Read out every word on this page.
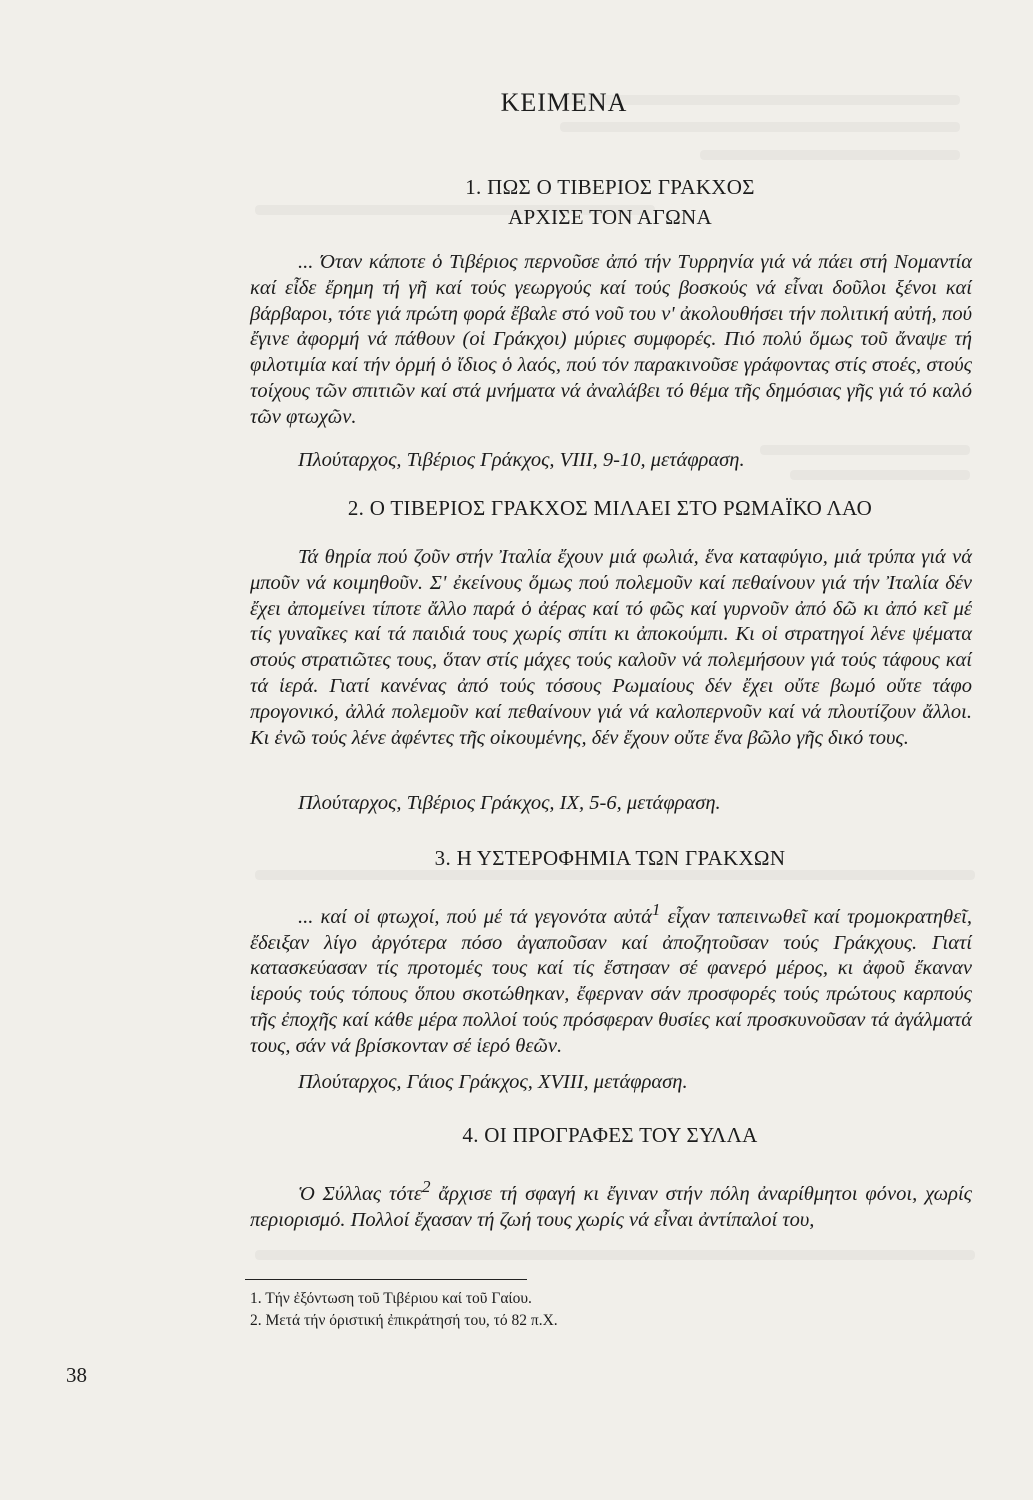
ΚΕΙΜΕΝΑ
1. ΠΩΣ Ο ΤΙΒΕΡΙΟΣ ΓΡΑΚΧΟΣ
ΑΡΧΙΣΕ ΤΟΝ ΑΓΩΝΑ

... Όταν κάποτε ὁ Τιβέριος περνοῦσε ἀπό τήν Τυρρηνία γιά νά πάει στή Νομαντία καί εἶδε ἔρημη τή γῆ καί τούς γεωργούς καί τούς βοσκούς νά εἶναι δοῦλοι ξένοι καί βάρβαροι, τότε γιά πρώτη φορά ἔβαλε στό νοῦ του ν' ἀκολουθήσει τήν πολιτική αὐτή, πού ἔγινε ἀφορμή νά πάθουν (οἱ Γράκχοι) μύριες συμφορές. Πιό πολύ ὅμως τοῦ ἄναψε τή φιλοτιμία καί τήν ὁρμή ὁ ἴδιος ὁ λαός, πού τόν παρακινοῦσε γράφοντας στίς στοές, στούς τοίχους τῶν σπιτιῶν καί στά μνήματα νά ἀναλάβει τό θέμα τῆς δημόσιας γῆς γιά τό καλό τῶν φτωχῶν.

Πλούταρχος, Τιβέριος Γράκχος, VIII, 9-10, μετάφραση.
2. Ο ΤΙΒΕΡΙΟΣ ΓΡΑΚΧΟΣ ΜΙΛΑΕΙ ΣΤΟ ΡΩΜΑΪΚΟ ΛΑΟ

Τά θηρία πού ζοῦν στήν Ἰταλία ἔχουν μιά φωλιά, ἕνα καταφύγιο, μιά τρύπα γιά νά μποῦν νά κοιμηθοῦν. Σ' ἐκείνους ὅμως πού πολεμοῦν καί πεθαίνουν γιά τήν Ἰταλία δέν ἔχει ἀπομείνει τίποτε ἄλλο παρά ὁ ἀέρας καί τό φῶς καί γυρνοῦν ἀπό δῶ κι ἀπό κεῖ μέ τίς γυναῖκες καί τά παιδιά τους χωρίς σπίτι κι ἀποκούμπι. Κι οἱ στρατηγοί λένε ψέματα στούς στρατιῶτες τους, ὅταν στίς μάχες τούς καλοῦν νά πολεμήσουν γιά τούς τάφους καί τά ἱερά. Γιατί κανένας ἀπό τούς τόσους Ρωμαίους δέν ἔχει οὔτε βωμό οὔτε τάφο προγονικό, ἀλλά πολεμοῦν καί πεθαίνουν γιά νά καλοπερνοῦν καί νά πλουτίζουν ἄλλοι. Κι ἐνῶ τούς λένε ἀφέντες τῆς οἰκουμένης, δέν ἔχουν οὔτε ἕνα βῶλο γῆς δικό τους.

Πλούταρχος, Τιβέριος Γράκχος, IX, 5-6, μετάφραση.
3. Η ΥΣΤΕΡΟΦΗΜΙΑ ΤΩΝ ΓΡΑΚΧΩΝ

... καί οἱ φτωχοί, πού μέ τά γεγονότα αὐτά$^1$ εἶχαν ταπεινωθεῖ καί τρομοκρατηθεῖ, ἔδειξαν λίγο ἀργότερα πόσο ἀγαποῦσαν καί ἀποζητοῦσαν τούς Γράκχους. Γιατί κατασκεύασαν τίς προτομές τους καί τίς ἔστησαν σέ φανερό μέρος, κι ἀφοῦ ἔκαναν ἱερούς τούς τόπους ὅπου σκοτώθηκαν, ἔφερναν σάν προσφορές τούς πρώτους καρπούς τῆς ἐποχῆς καί κάθε μέρα πολλοί τούς πρόσφεραν θυσίες καί προσκυνοῦσαν τά ἀγάλματά τους, σάν νά βρίσκονταν σέ ἱερό θεῶν.

Πλούταρχος, Γάιος Γράκχος, XVIII, μετάφραση.
4. ΟΙ ΠΡΟΓΡΑΦΕΣ ΤΟΥ ΣΥΛΛΑ

Ὁ Σύλλας τότε$^2$ ἄρχισε τή σφαγή κι ἔγιναν στήν πόλη ἀναρίθμητοι φόνοι, χωρίς περιορισμό. Πολλοί ἔχασαν τή ζωή τους χωρίς νά εἶναι ἀντίπαλοί του,

1. Τήν ἐξόντωση τοῦ Τιβέριου καί τοῦ Γαίου.
2. Μετά τήν όριστική ἐπικράτησή του, τό 82 π.Χ.
38
